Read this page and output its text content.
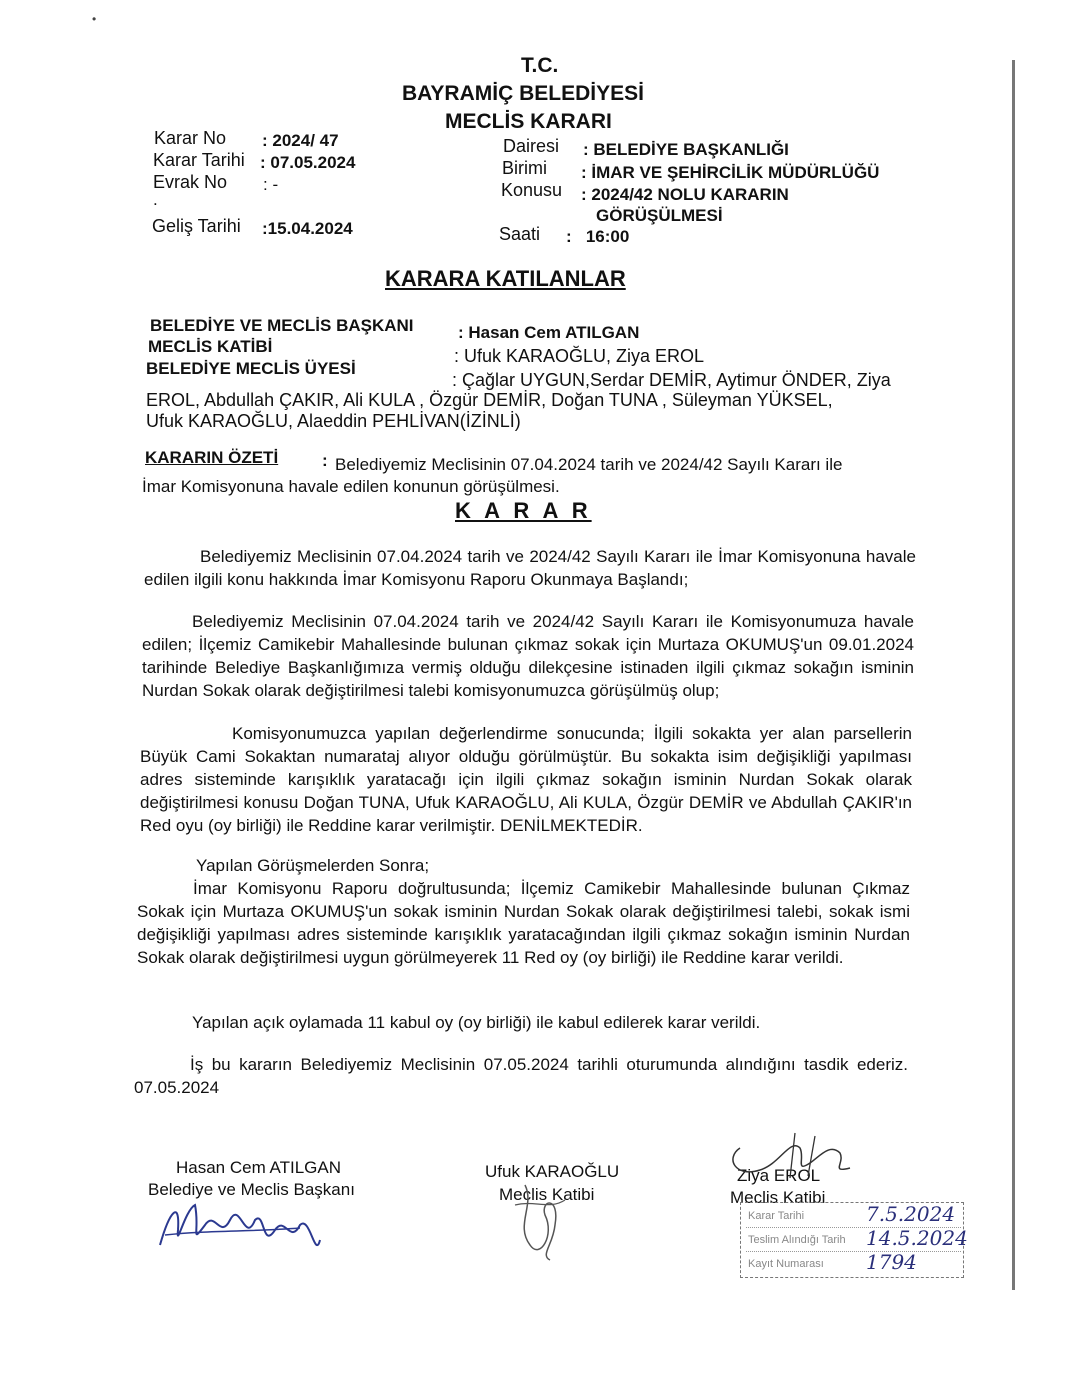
•
T.C.
BAYRAMİÇ BELEDİYESİ
MECLİS KARARI
Karar No : 2024/ 47
Karar Tarihi : 07.05.2024
Evrak No : -
.
Geliş Tarihi :15.04.2024
Dairesi : BELEDİYE BAŞKANLIĞI
Birimi : İMAR VE ŞEHİRCİLİK MÜDÜRLÜĞÜ
Konusu : 2024/42 NOLU KARARIN
GÖRÜŞÜLMESİ
Saati :   16:00
KARARA KATILANLAR
BELEDİYE VE MECLİS BAŞKANI	: Hasan Cem ATILGAN
MECLİS KATİBİ	: Ufuk KARAOĞLU, Ziya EROL
BELEDİYE MECLİS ÜYESİ
: Çağlar UYGUN,Serdar DEMİR, Aytimur ÖNDER, Ziya
EROL, Abdullah ÇAKIR, Ali KULA , Özgür DEMİR, Doğan TUNA , Süleyman YÜKSEL,
Ufuk KARAOĞLU, Alaeddin PEHLİVAN(İZİNLİ)
KARARIN ÖZETİ	: Belediyemiz Meclisinin 07.04.2024 tarih ve 2024/42 Sayılı Kararı ile
İmar Komisyonuna havale edilen konunun görüşülmesi.
K A R A R
Belediyemiz Meclisinin 07.04.2024 tarih ve 2024/42 Sayılı Kararı ile İmar Komisyonuna havale edilen ilgili konu hakkında İmar Komisyonu Raporu Okunmaya Başlandı;
Belediyemiz Meclisinin 07.04.2024 tarih ve 2024/42 Sayılı Kararı ile Komisyonumuza havale edilen; İlçemiz Camikebir Mahallesinde bulunan çıkmaz sokak için Murtaza OKUMUŞ'un 09.01.2024 tarihinde Belediye Başkanlığımıza vermiş olduğu dilekçesine istinaden ilgili çıkmaz sokağın isminin Nurdan Sokak olarak değiştirilmesi talebi komisyonumuzca görüşülmüş olup;
Komisyonumuzca yapılan değerlendirme sonucunda; İlgili sokakta yer alan parsellerin Büyük Cami Sokaktan numarataj alıyor olduğu görülmüştür. Bu sokakta isim değişikliği yapılması adres sisteminde karışıklık yaratacağı için ilgili çıkmaz sokağın isminin Nurdan Sokak olarak değiştirilmesi konusu Doğan TUNA, Ufuk KARAOĞLU, Ali KULA, Özgür DEMİR ve Abdullah ÇAKIR'ın Red oyu (oy birliği) ile Reddine karar verilmiştir. DENİLMEKTEDİR.
Yapılan Görüşmelerden Sonra;
İmar Komisyonu Raporu doğrultusunda; İlçemiz Camikebir Mahallesinde bulunan Çıkmaz Sokak için Murtaza OKUMUŞ'un sokak isminin Nurdan Sokak olarak değiştirilmesi talebi, sokak ismi değişikliği yapılması adres sisteminde karışıklık yaratacağından ilgili çıkmaz sokağın isminin Nurdan Sokak olarak değiştirilmesi uygun görülmeyerek 11 Red oy (oy birliği) ile Reddine karar verildi.
Yapılan açık oylamada 11 kabul oy (oy birliği) ile kabul edilerek karar verildi.
İş bu kararın Belediyemiz Meclisinin 07.05.2024 tarihli oturumunda alındığını tasdik ederiz. 07.05.2024
Hasan Cem ATILGAN
Belediye ve Meclis Başkanı
Ufuk KARAOĞLU
Meclis Katibi
Ziya EROL
Meclis Katibi
Karar Tarihi	7.5.2024
Teslim Alındığı Tarih 14.5.2024
Kayıt Numarası 1794
